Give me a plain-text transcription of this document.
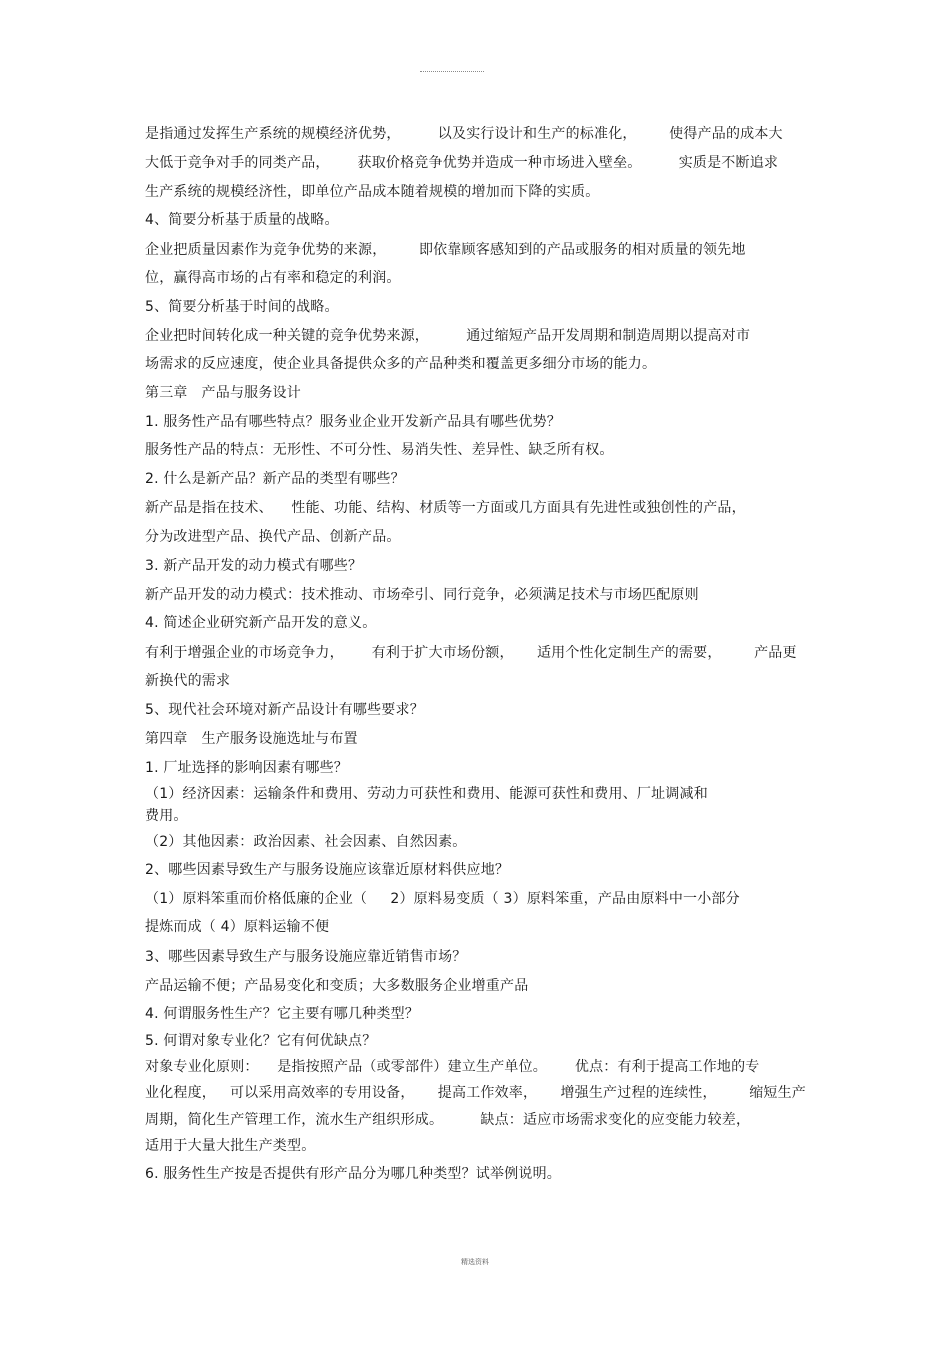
是指通过发挥生产系统的规模经济优势，        以及实行设计和生产的标准化，       使得产品的成本大
大低于竞争对手的同类产品，      获取价格竞争优势并造成一种市场进入壁垒。        实质是不断追求
生产系统的规模经济性，即单位产品成本随着规模的增加而下降的实质。
4、简要分析基于质量的战略。
企业把质量因素作为竞争优势的来源，       即依靠顾客感知到的产品或服务的相对质量的领先地
位，赢得高市场的占有率和稳定的利润。
5、简要分析基于时间的战略。
企业把时间转化成一种关键的竞争优势来源，        通过缩短产品开发周期和制造周期以提高对市
场需求的反应速度，使企业具备提供众多的产品种类和覆盖更多细分市场的能力。
第三章   产品与服务设计
1. 服务性产品有哪些特点？服务业企业开发新产品具有哪些优势？
服务性产品的特点：无形性、不可分性、易消失性、差异性、缺乏所有权。
2. 什么是新产品？新产品的类型有哪些？
新产品是指在技术、    性能、功能、结构、材质等一方面或几方面具有先进性或独创性的产品，
分为改进型产品、换代产品、创新产品。
3. 新产品开发的动力模式有哪些？
新产品开发的动力模式：技术推动、市场牵引、同行竞争，必须满足技术与市场匹配原则
4. 简述企业研究新产品开发的意义。
有利于增强企业的市场竞争力，      有利于扩大市场份额，     适用个性化定制生产的需要，       产品更
新换代的需求
5、现代社会环境对新产品设计有哪些要求？
第四章   生产服务设施选址与布置
1. 厂址选择的影响因素有哪些？
（1）经济因素：运输条件和费用、劳动力可获性和费用、能源可获性和费用、厂址调减和
费用。
（2）其他因素：政治因素、社会因素、自然因素。
2、哪些因素导致生产与服务设施应该靠近原材料供应地？
（1）原料笨重而价格低廉的企业（     2）原料易变质（ 3）原料笨重，产品由原料中一小部分
提炼而成（ 4）原料运输不便
3、哪些因素导致生产与服务设施应靠近销售市场？
产品运输不便；产品易变化和变质；大多数服务企业增重产品
4. 何谓服务性生产？它主要有哪几种类型？
5. 何谓对象专业化？它有何优缺点？
对象专业化原则：    是指按照产品（或零部件）建立生产单位。      优点：有利于提高工作地的专
业化程度，   可以采用高效率的专用设备，     提高工作效率，     增强生产过程的连续性，       缩短生产
周期，简化生产管理工作，流水生产组织形成。        缺点：适应市场需求变化的应变能力较差，
适用于大量大批生产类型。
6. 服务性生产按是否提供有形产品分为哪几种类型？试举例说明。
精选资料
